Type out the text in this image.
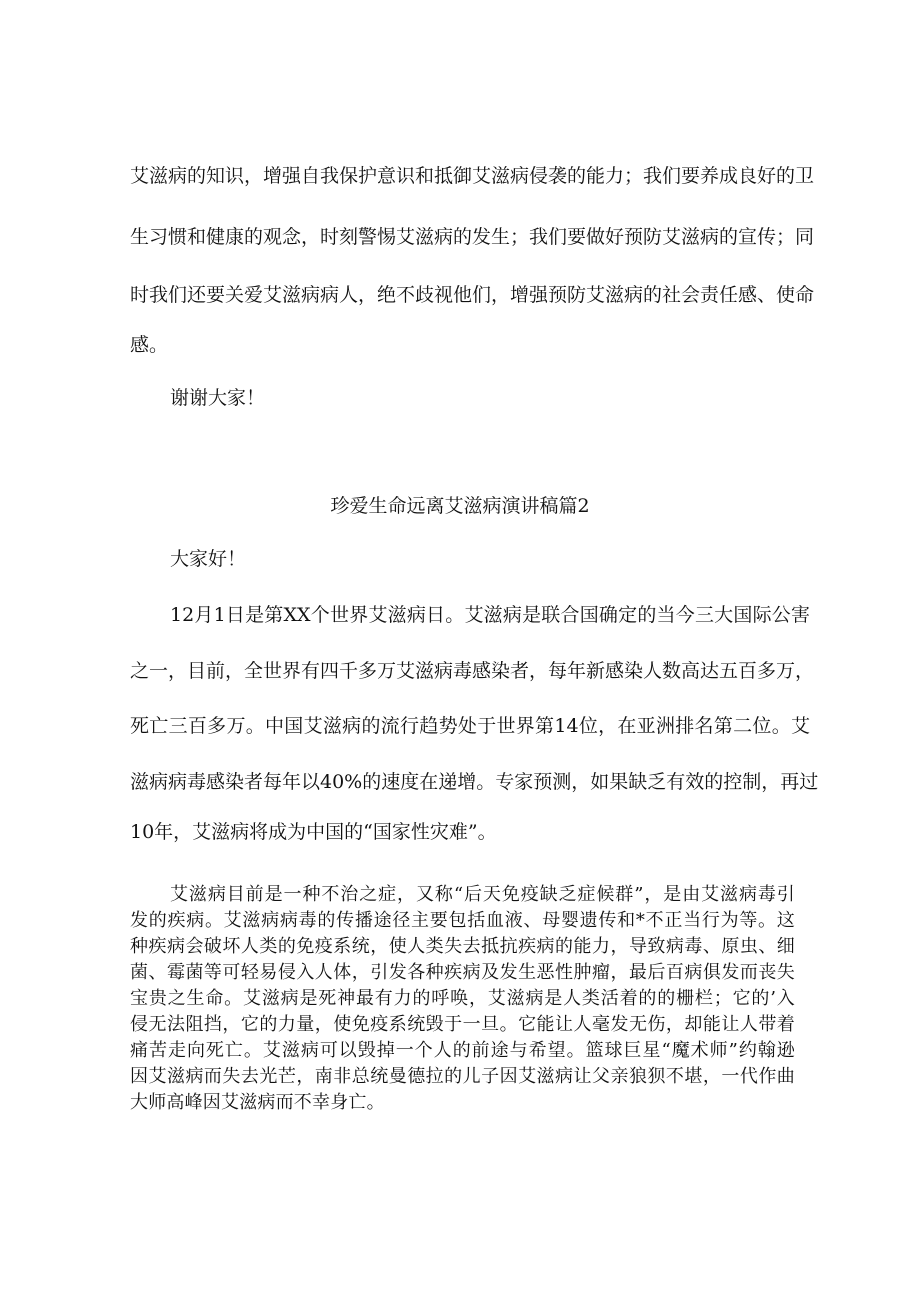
艾滋病的知识，增强自我保护意识和抵御艾滋病侵袭的能力；我们要养成良好的卫
生习惯和健康的观念，时刻警惕艾滋病的发生；我们要做好预防艾滋病的宣传；同
时我们还要关爱艾滋病病人，绝不歧视他们，增强预防艾滋病的社会责任感、使命
感。
谢谢大家！
珍爱生命远离艾滋病演讲稿篇2
大家好！
12月1日是第XX个世界艾滋病日。艾滋病是联合国确定的当今三大国际公害
之一，目前，全世界有四千多万艾滋病毒感染者，每年新感染人数高达五百多万，
死亡三百多万。中国艾滋病的流行趋势处于世界第14位，在亚洲排名第二位。艾
滋病病毒感染者每年以40%的速度在递增。专家预测，如果缺乏有效的控制，再过
10年，艾滋病将成为中国的“国家性灾难”。
艾滋病目前是一种不治之症，又称“后天免疫缺乏症候群”，是由艾滋病毒引
发的疾病。艾滋病病毒的传播途径主要包括血液、母婴遗传和*不正当行为等。这
种疾病会破坏人类的免疫系统，使人类失去抵抗疾病的能力，导致病毒、原虫、细
菌、霉菌等可轻易侵入人体，引发各种疾病及发生恶性肿瘤，最后百病俱发而丧失
宝贵之生命。艾滋病是死神最有力的呼唤，艾滋病是人类活着的的栅栏；它的’入
侵无法阻挡，它的力量，使免疫系统毁于一旦。它能让人毫发无伤，却能让人带着
痛苦走向死亡。艾滋病可以毁掉一个人的前途与希望。篮球巨星“魔术师”约翰逊
因艾滋病而失去光芒，南非总统曼德拉的儿子因艾滋病让父亲狼狈不堪，一代作曲
大师高峰因艾滋病而不幸身亡。
